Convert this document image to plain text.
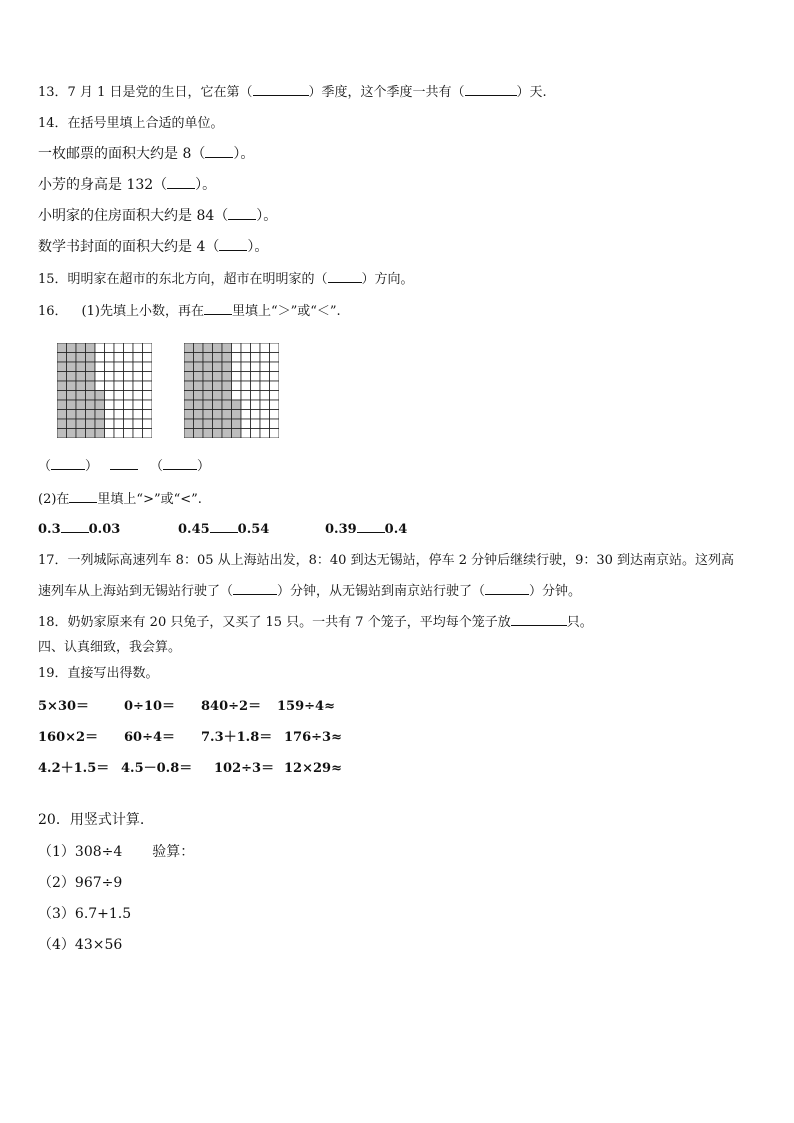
13．7 月 1 日是党的生日，它在第（	）季度，这个季度一共有（	）天.
14．在括号里填上合适的单位。
一枚邮票的面积大约是 8（ ）。
小芳的身高是 132（ ）。
小明家的住房面积大约是 84（ ）。
数学书封面的面积大约是 4（ ）。
15．明明家在超市的东北方向，超市在明明家的（	）方向。
16． (1)先填上小数，再在 里填上“＞”或“＜”.
（	）	（	）
(2)在 里填上“>”或“<”.
0.3 0.03	0.45 0.54	0.39 0.4
17．一列城际高速列车 8：05 从上海站出发，8：40 到达无锡站，停车 2 分钟后继续行驶，9：30 到达南京站。这列高
速列车从上海站到无锡站行驶了（	）分钟，从无锡站到南京站行驶了（	）分钟。
18．奶奶家原来有 20 只兔子，又买了 15 只。一共有 7 个笼子，平均每个笼子放	只。
四、认真细致，我会算。
19．直接写出得数。
5×30＝	0÷10＝ 840÷2＝ 159÷4≈
160×2＝ 60÷4＝ 7.3＋1.8＝ 176÷3≈
4.2＋1.5＝ 4.5－0.8＝ 102÷3＝ 12×29≈
20．用竖式计算.
（1）308÷4 验算：
（2）967÷9
（3）6.7+1.5
（4）43×56
